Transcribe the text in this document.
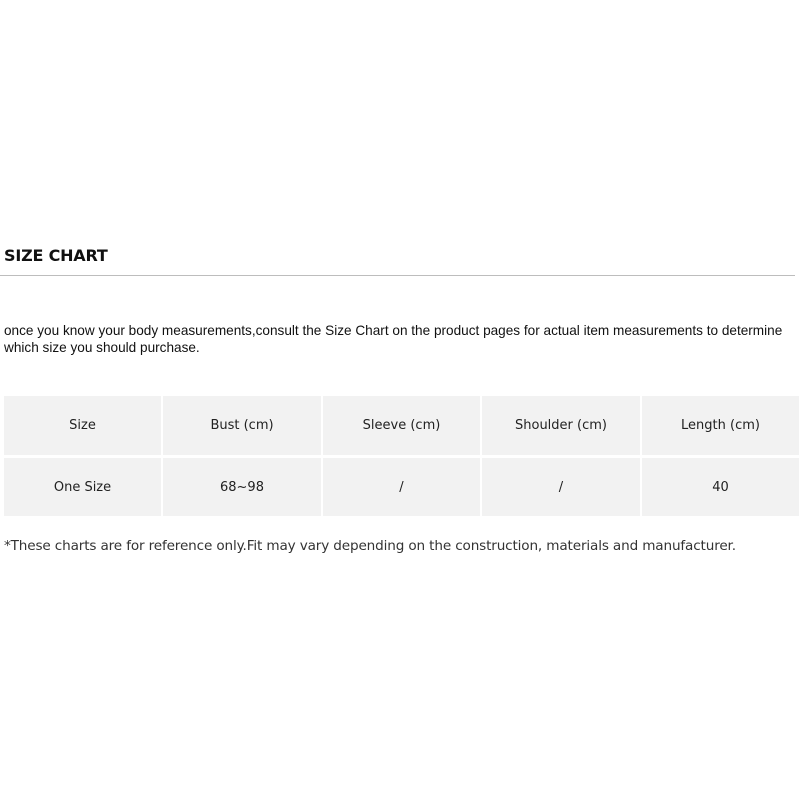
SIZE CHART
once you know your body measurements,consult the Size Chart on the product pages for actual item measurements to determine which size you should purchase.
Size	Bust (cm)	Sleeve (cm)	Shoulder (cm)	Length (cm)
One Size	68~98	/	/	40
*These charts are for reference only.Fit may vary depending on the construction, materials and manufacturer.
